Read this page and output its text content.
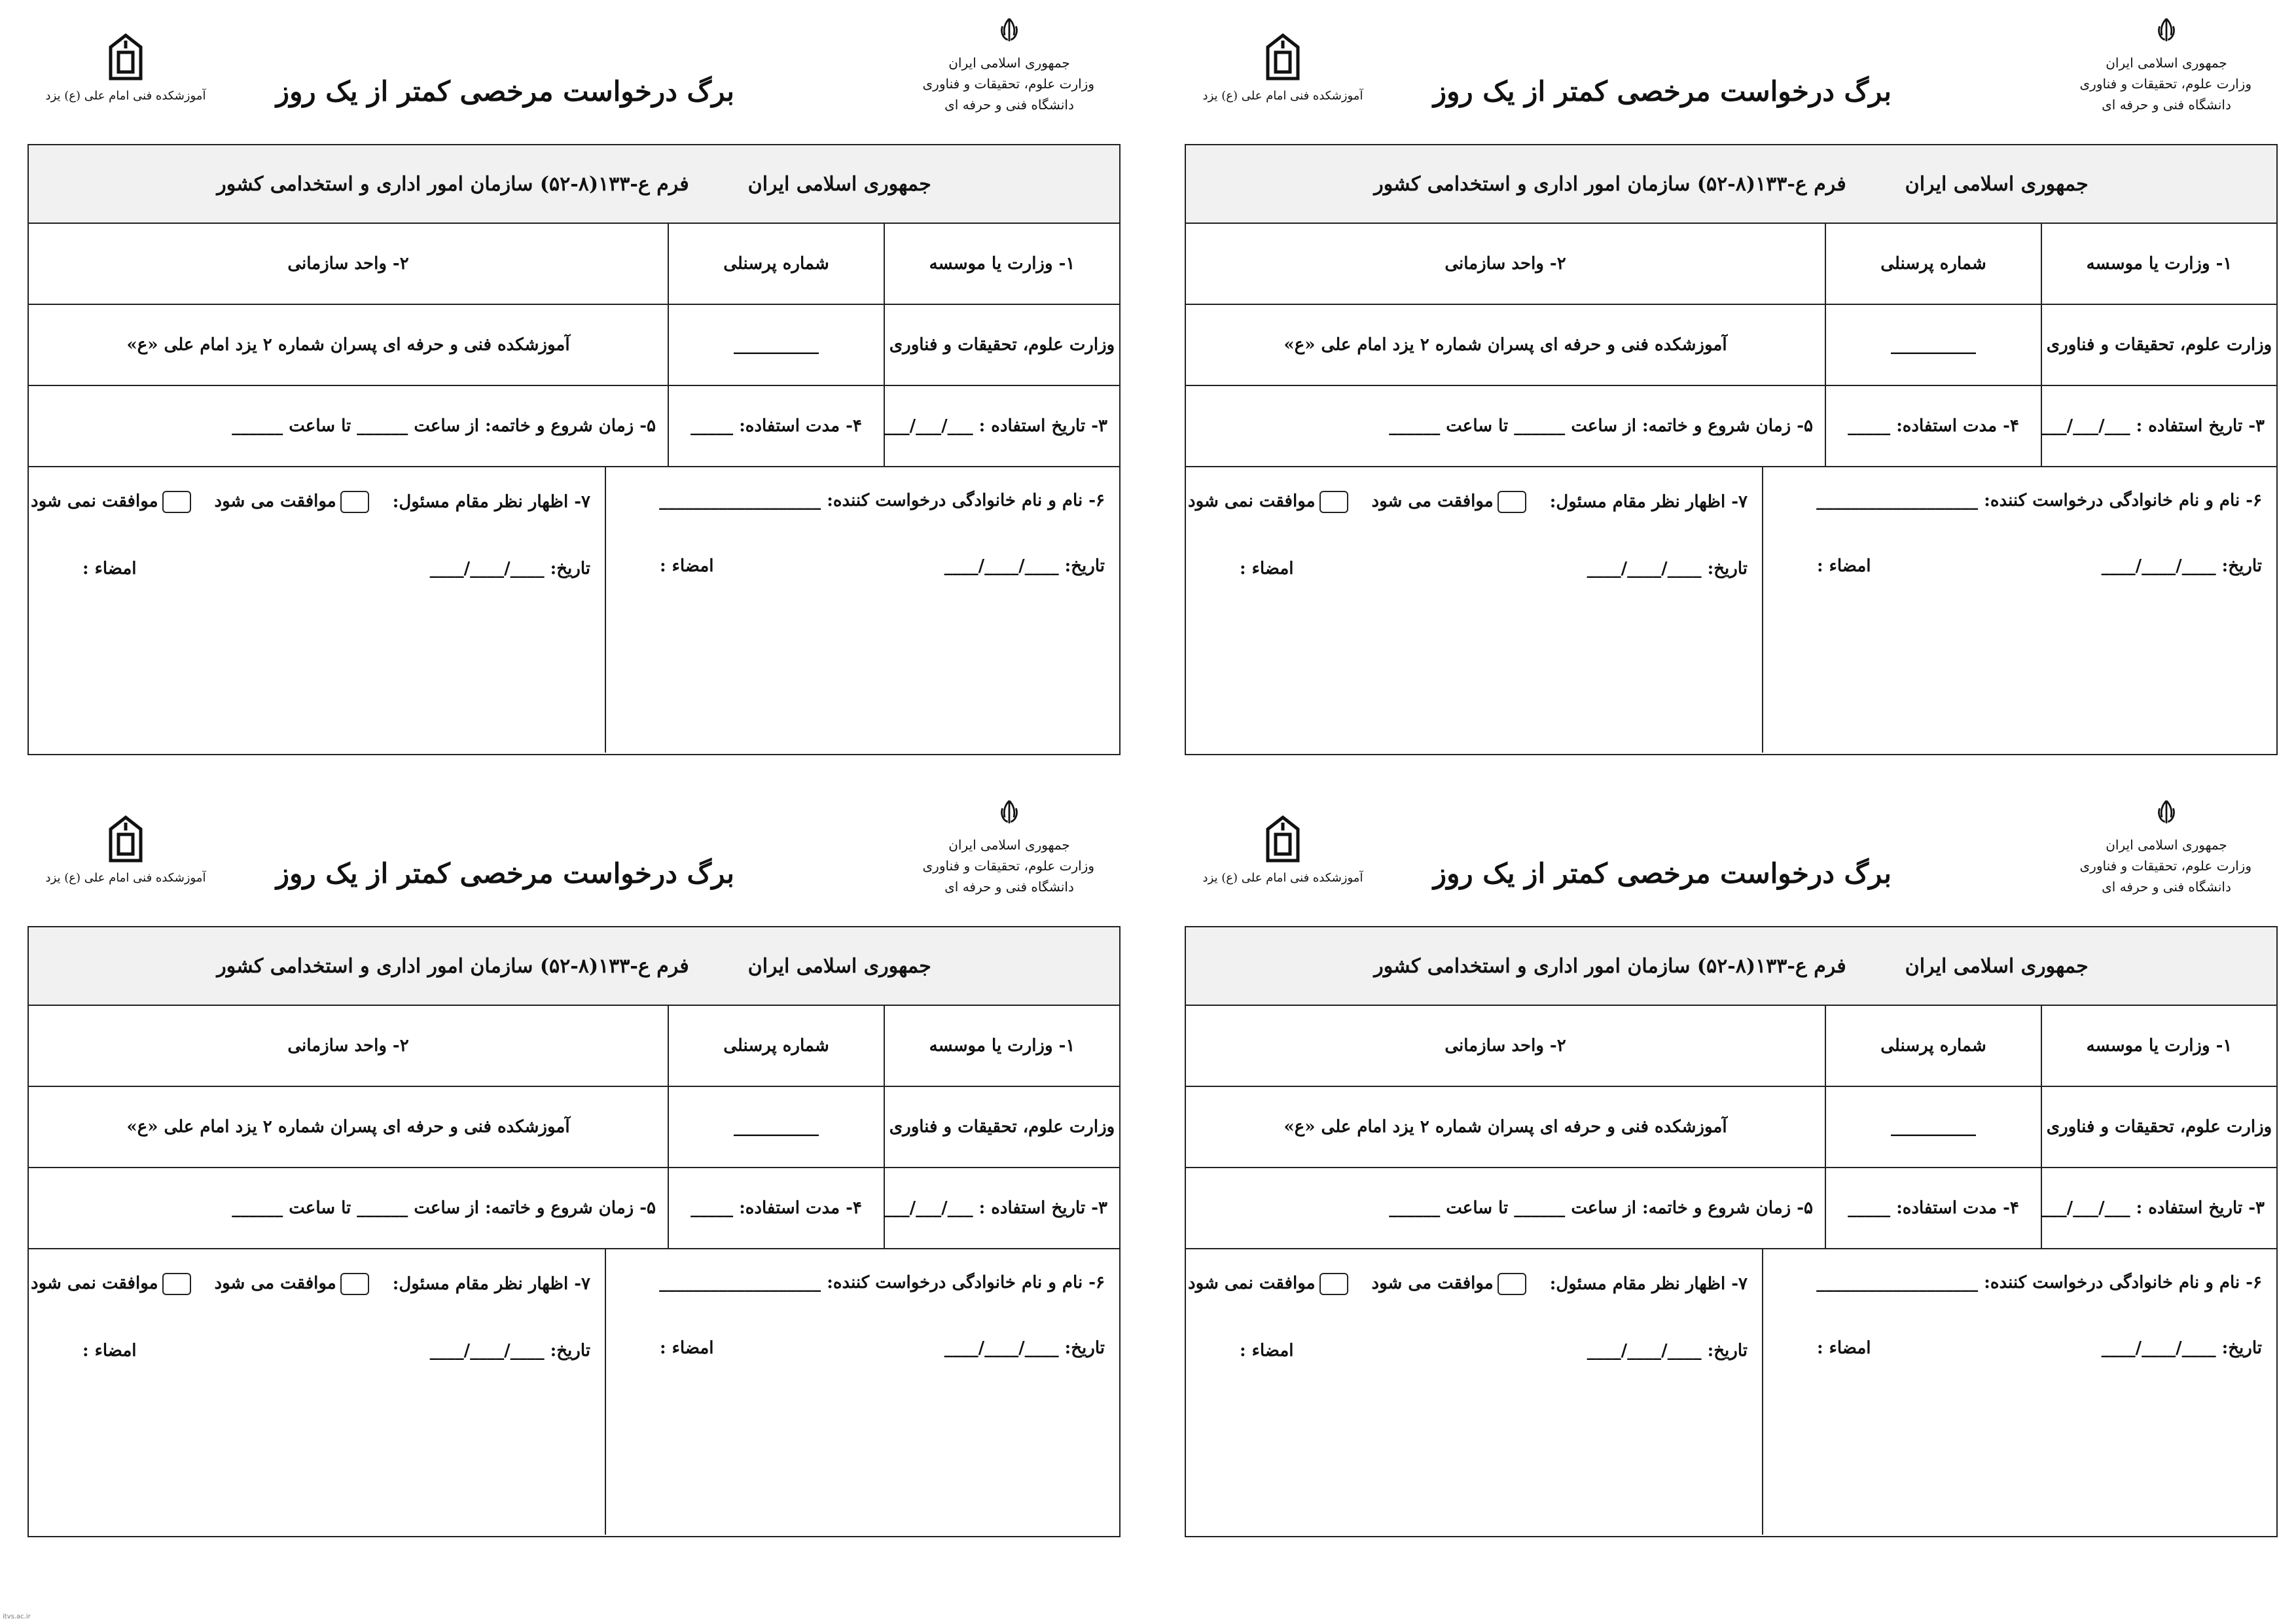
جمهوری اسلامی ایران
وزارت علوم، تحقیقات و فناوری
دانشگاه فنی و حرفه ای
برگ درخواست مرخصی کمتر از یک روز
آموزشکده فنی امام علی (ع) یزد
جمهوری اسلامی ایران
فرم ع-۱۳۳(۸-۵۲) سازمان امور اداری و استخدامی کشور
۱- وزارت یا موسسه
شماره پرسنلی
۲- واحد سازمانی
وزارت علوم، تحقیقات و فناوری
__________
آموزشکده فنی و حرفه ای پسران شماره ۲ یزد امام علی «ع»
۳- تاریخ استفاده : ___/___/___
۴- مدت استفاده: _____
۵- زمان شروع و خاتمه: از ساعت ______ تا ساعت ______
۶- نام و نام خانوادگی درخواست کننده: ___________________
تاریخ: ____/____/____
امضاء :
۷- اظهار نظر مقام مسئول:
موافقت می شود
موافقت نمی شود
تاریخ: ____/____/____
امضاء :
جمهوری اسلامی ایران
وزارت علوم، تحقیقات و فناوری
دانشگاه فنی و حرفه ای
برگ درخواست مرخصی کمتر از یک روز
آموزشکده فنی امام علی (ع) یزد
جمهوری اسلامی ایران
فرم ع-۱۳۳(۸-۵۲) سازمان امور اداری و استخدامی کشور
۱- وزارت یا موسسه
شماره پرسنلی
۲- واحد سازمانی
وزارت علوم، تحقیقات و فناوری
__________
آموزشکده فنی و حرفه ای پسران شماره ۲ یزد امام علی «ع»
۳- تاریخ استفاده : ___/___/___
۴- مدت استفاده: _____
۵- زمان شروع و خاتمه: از ساعت ______ تا ساعت ______
۶- نام و نام خانوادگی درخواست کننده: ___________________
تاریخ: ____/____/____
امضاء :
۷- اظهار نظر مقام مسئول:
موافقت می شود
موافقت نمی شود
تاریخ: ____/____/____
امضاء :
جمهوری اسلامی ایران
وزارت علوم، تحقیقات و فناوری
دانشگاه فنی و حرفه ای
برگ درخواست مرخصی کمتر از یک روز
آموزشکده فنی امام علی (ع) یزد
جمهوری اسلامی ایران
فرم ع-۱۳۳(۸-۵۲) سازمان امور اداری و استخدامی کشور
۱- وزارت یا موسسه
شماره پرسنلی
۲- واحد سازمانی
وزارت علوم، تحقیقات و فناوری
__________
آموزشکده فنی و حرفه ای پسران شماره ۲ یزد امام علی «ع»
۳- تاریخ استفاده : ___/___/___
۴- مدت استفاده: _____
۵- زمان شروع و خاتمه: از ساعت ______ تا ساعت ______
۶- نام و نام خانوادگی درخواست کننده: ___________________
تاریخ: ____/____/____
امضاء :
۷- اظهار نظر مقام مسئول:
موافقت می شود
موافقت نمی شود
تاریخ: ____/____/____
امضاء :
جمهوری اسلامی ایران
وزارت علوم، تحقیقات و فناوری
دانشگاه فنی و حرفه ای
برگ درخواست مرخصی کمتر از یک روز
آموزشکده فنی امام علی (ع) یزد
جمهوری اسلامی ایران
فرم ع-۱۳۳(۸-۵۲) سازمان امور اداری و استخدامی کشور
۱- وزارت یا موسسه
شماره پرسنلی
۲- واحد سازمانی
وزارت علوم، تحقیقات و فناوری
__________
آموزشکده فنی و حرفه ای پسران شماره ۲ یزد امام علی «ع»
۳- تاریخ استفاده : ___/___/___
۴- مدت استفاده: _____
۵- زمان شروع و خاتمه: از ساعت ______ تا ساعت ______
۶- نام و نام خانوادگی درخواست کننده: ___________________
تاریخ: ____/____/____
امضاء :
۷- اظهار نظر مقام مسئول:
موافقت می شود
موافقت نمی شود
تاریخ: ____/____/____
امضاء :
itvs.ac.ir
